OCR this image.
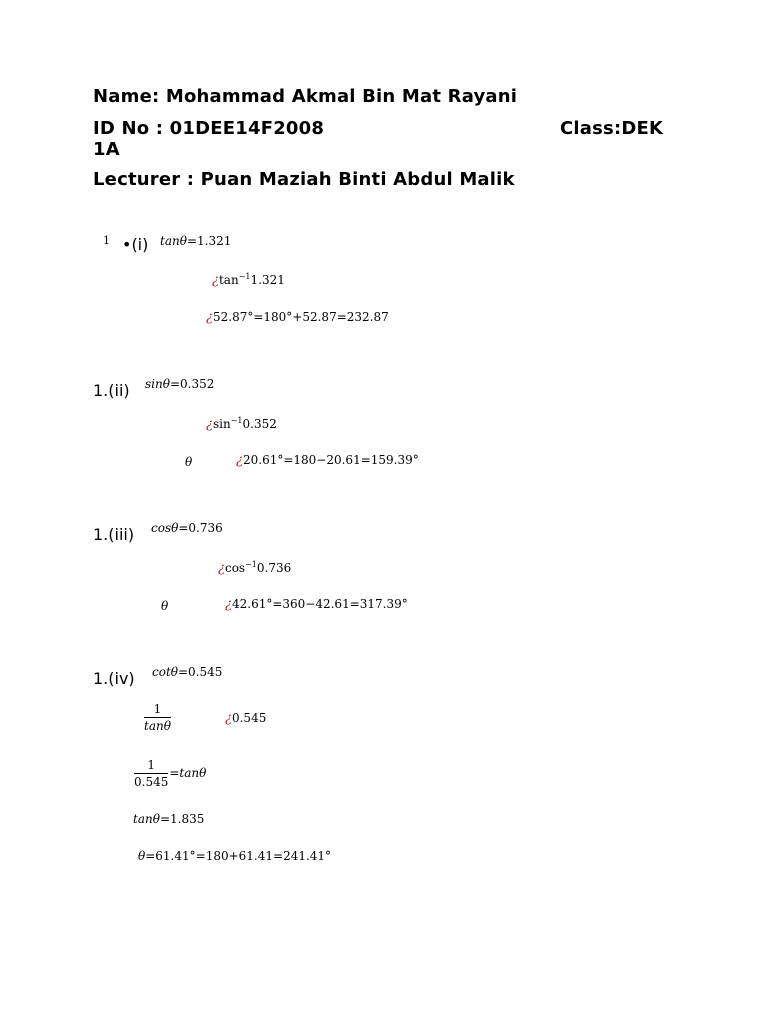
Name: Mohammad Akmal Bin Mat Rayani
ID No : 01DEE14F2008	Class:DEK
1A
Lecturer : Puan Maziah Binti Abdul Malik
1 •(i) tanθ=1.321
¿$\tan^{-1}1.321$
¿52.87°=180°+52.87=232.87
1.(ii) sinθ=0.352
¿$\sin^{-1}0.352$
θ	¿20.61°=180−20.61=159.39°
1.(iii) cosθ=0.736
¿$\cos^{-1}0.736$
θ	¿42.61°=360−42.61=317.39°
1.(iv) cotθ=0.545
$\frac{1}{\tan\theta}$	¿0.545
$\frac{1}{0.545} =\tan\theta$
tanθ=1.835
θ=61.41°=180+61.41=241.41°
